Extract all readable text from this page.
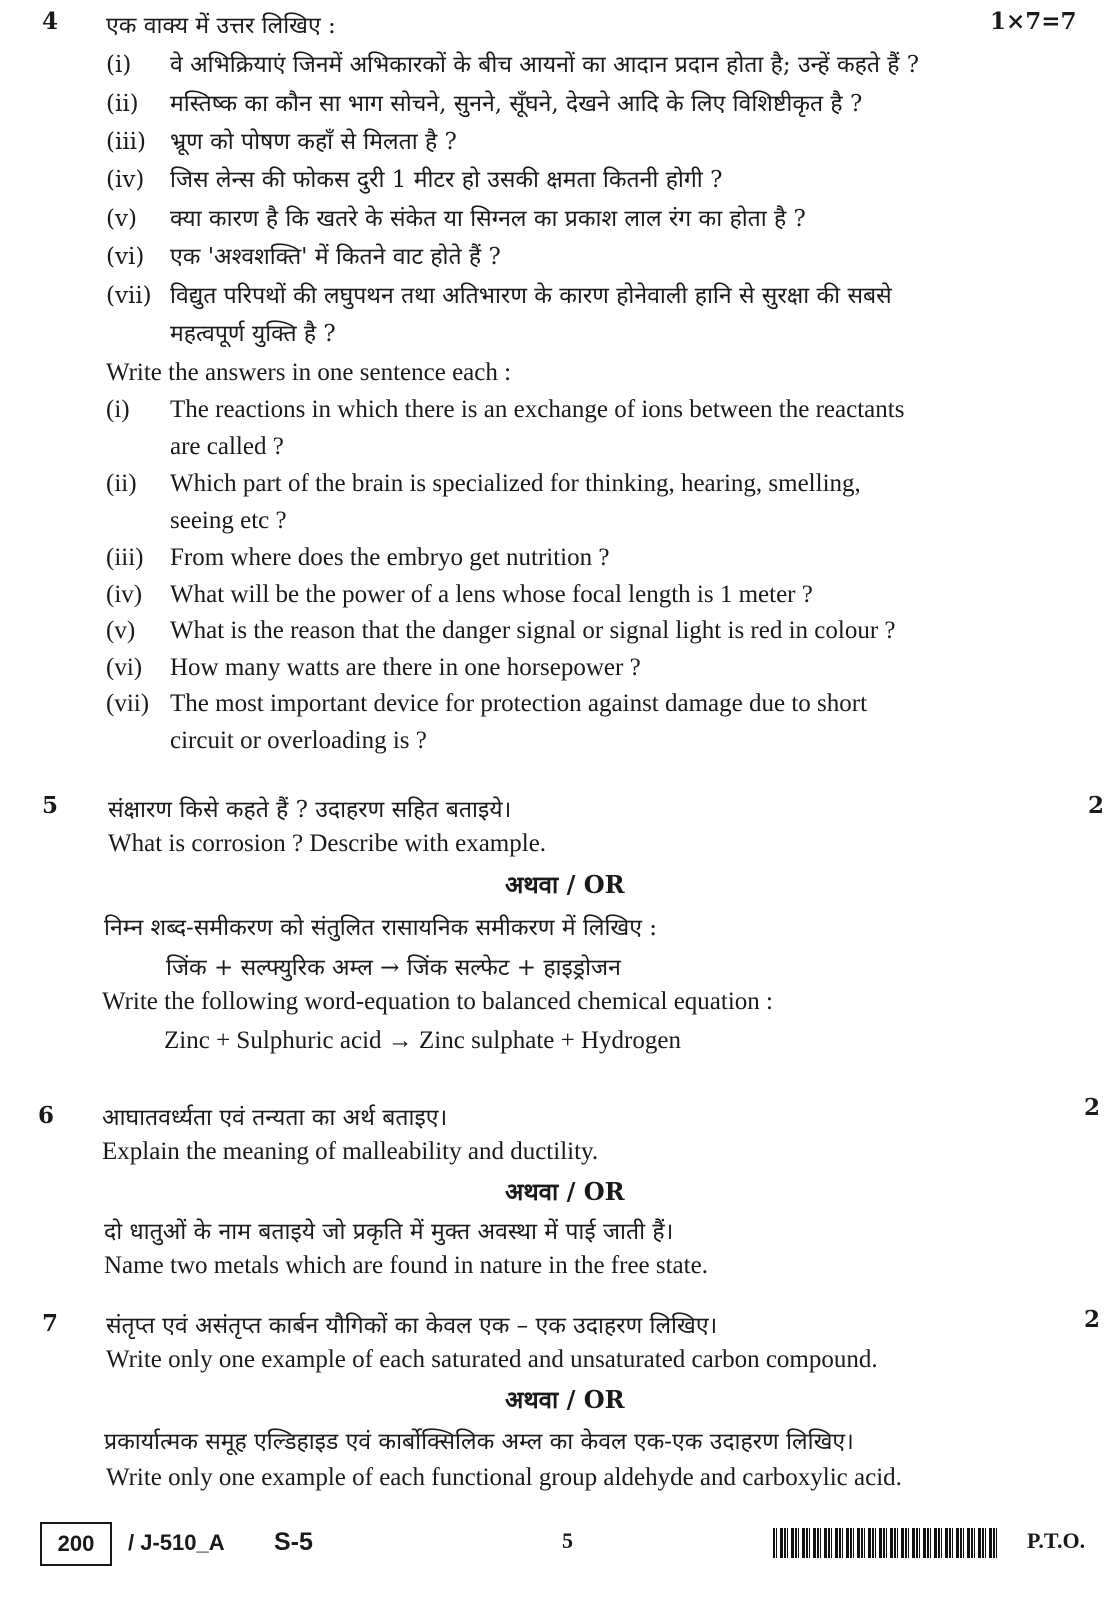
4 एक वाक्य में उत्तर लिखिए :	1×7=7
(i) वे अभिक्रियाएं जिनमें अभिकारकों के बीच आयनों का आदान प्रदान होता है; उन्हें कहते हैं ?
(ii) मस्तिष्क का कौन सा भाग सोचने, सुनने, सूँघने, देखने आदि के लिए विशिष्टीकृत है ?
(iii) भ्रूण को पोषण कहाँ से मिलता है ?
(iv) जिस लेन्स की फोकस दुरी 1 मीटर हो उसकी क्षमता कितनी होगी ?
(v) क्या कारण है कि खतरे के संकेत या सिग्नल का प्रकाश लाल रंग का होता है ?
(vi) एक 'अश्वशक्ति' में कितने वाट होते हैं ?
(vii) विद्युत परिपथों की लघुपथन तथा अतिभारण के कारण होनेवाली हानि से सुरक्षा की सबसे
महत्वपूर्ण युक्ति है ?
Write the answers in one sentence each :
(i) The reactions in which there is an exchange of ions between the reactants
are called ?
(ii) Which part of the brain is specialized for thinking, hearing, smelling,
seeing etc ?
(iii) From where does the embryo get nutrition ?
(iv) What will be the power of a lens whose focal length is 1 meter ?
(v) What is the reason that the danger signal or signal light is red in colour ?
(vi) How many watts are there in one horsepower ?
(vii) The most important device for protection against damage due to short
circuit or overloading is ?
5 संक्षारण किसे कहते हैं ? उदाहरण सहित बताइये।	2
What is corrosion ? Describe with example.
अथवा / OR
निम्न शब्द-समीकरण को संतुलित रासायनिक समीकरण में लिखिए :
जिंक + सल्फ्युरिक अम्ल → जिंक सल्फेट + हाइड्रोजन
Write the following word-equation to balanced chemical equation :
Zinc + Sulphuric acid → Zinc sulphate + Hydrogen
6 आघातवर्ध्यता एवं तन्यता का अर्थ बताइए।	2
Explain the meaning of malleability and ductility.
अथवा / OR
दो धातुओं के नाम बताइये जो प्रकृति में मुक्त अवस्था में पाई जाती हैं।
Name two metals which are found in nature in the free state.
7 संतृप्त एवं असंतृप्त कार्बन यौगिकों का केवल एक – एक उदाहरण लिखिए।	2
Write only one example of each saturated and unsaturated carbon compound.
अथवा / OR
प्रकार्यात्मक समूह एल्डिहाइड एवं कार्बोक्सिलिक अम्ल का केवल एक-एक उदाहरण लिखिए।
Write only one example of each functional group aldehyde and carboxylic acid.
200	/ J-510_A S-5	5	P.T.O.
